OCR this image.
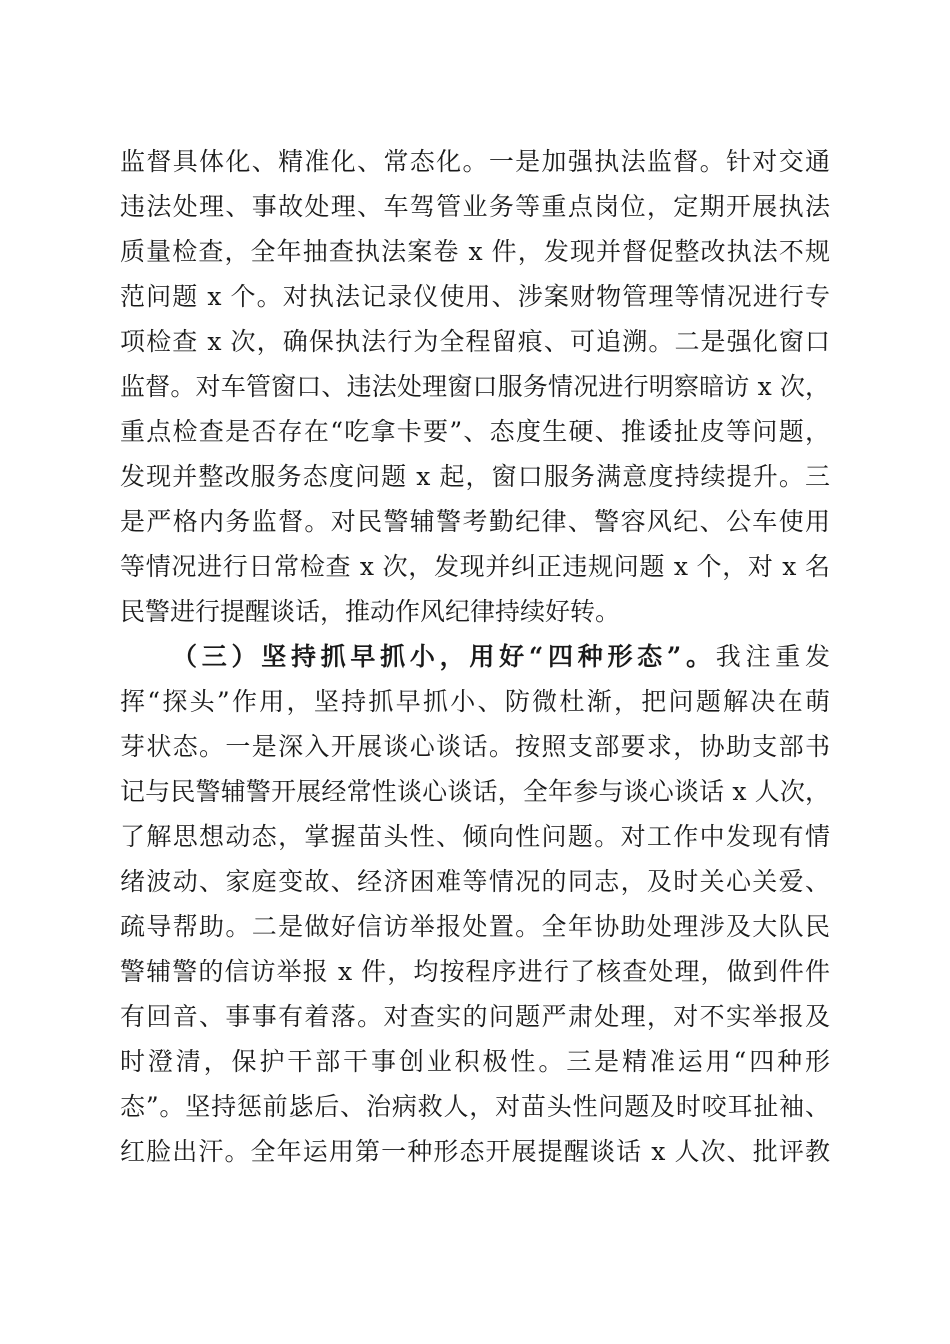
监督具体化、精准化、常态化。一是加强执法监督。针对交通
违法处理、事故处理、车驾管业务等重点岗位，定期开展执法
质量检查，全年抽查执法案卷 x 件，发现并督促整改执法不规
范问题 x 个。对执法记录仪使用、涉案财物管理等情况进行专
项检查 x 次，确保执法行为全程留痕、可追溯。二是强化窗口
监督。对车管窗口、违法处理窗口服务情况进行明察暗访 x 次，
重点检查是否存在“吃拿卡要”、态度生硬、推诿扯皮等问题，
发现并整改服务态度问题 x 起，窗口服务满意度持续提升。三
是严格内务监督。对民警辅警考勤纪律、警容风纪、公车使用
等情况进行日常检查 x 次，发现并纠正违规问题 x 个，对 x 名
民警进行提醒谈话，推动作风纪律持续好转。
（三）坚持抓早抓小，用好“四种形态”。我注重发
挥“探头”作用，坚持抓早抓小、防微杜渐，把问题解决在萌
芽状态。一是深入开展谈心谈话。按照支部要求，协助支部书
记与民警辅警开展经常性谈心谈话，全年参与谈心谈话 x 人次，
了解思想动态，掌握苗头性、倾向性问题。对工作中发现有情
绪波动、家庭变故、经济困难等情况的同志，及时关心关爱、
疏导帮助。二是做好信访举报处置。全年协助处理涉及大队民
警辅警的信访举报 x 件，均按程序进行了核查处理，做到件件
有回音、事事有着落。对查实的问题严肃处理，对不实举报及
时澄清，保护干部干事创业积极性。三是精准运用“四种形
态”。坚持惩前毖后、治病救人，对苗头性问题及时咬耳扯袖、
红脸出汗。全年运用第一种形态开展提醒谈话 x 人次、批评教
